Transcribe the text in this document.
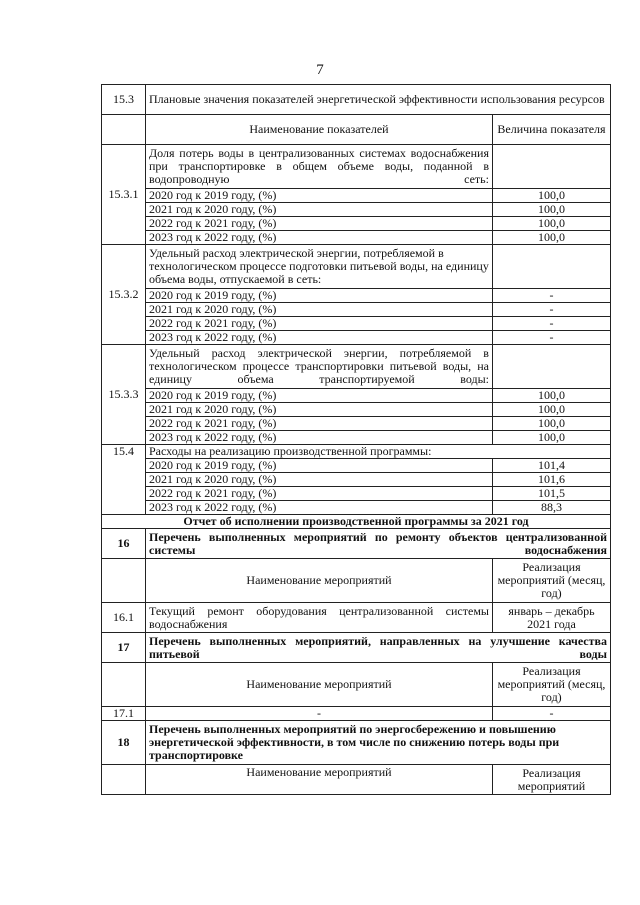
7
15.3	Плановые значения показателей энергетической эффективности использования ресурсов	
	Наименование показателей	Величина показателя
15.3.1	Доля потерь воды в централизованных системах водоснабжения при транспортировке в общем объеме воды, поданной в водопроводную сеть:	
	2020 год к 2019 году, (%)	100,0
	2021 год к 2020 году, (%)	100,0
	2022 год к 2021 году, (%)	100,0
	2023 год к 2022 году, (%)	100,0
15.3.2	Удельный расход электрической энергии, потребляемой в технологическом процессе подготовки питьевой воды, на единицу объема воды, отпускаемой в сеть:	
	2020 год к 2019 году, (%)	-
	2021 год к 2020 году, (%)	-
	2022 год к 2021 году, (%)	-
	2023 год к 2022 году, (%)	-
15.3.3	Удельный расход электрической энергии, потребляемой в технологическом процессе транспортировки питьевой воды, на единицу объема транспортируемой воды:	
	2020 год к 2019 году, (%)	100,0
	2021 год к 2020 году, (%)	100,0
	2022 год к 2021 году, (%)	100,0
	2023 год к 2022 году, (%)	100,0
15.4	Расходы на реализацию производственной программы:	
	2020 год к 2019 году, (%)	101,4
	2021 год к 2020 году, (%)	101,6
	2022 год к 2021 году, (%)	101,5
	2023 год к 2022 году, (%)	88,3
Отчет об исполнении производственной программы за 2021 год		
16	Перечень выполненных мероприятий по ремонту объектов централизованной системы водоснабжения	
	Наименование мероприятий	Реализация мероприятий (месяц, год)
16.1	Текущий ремонт оборудования централизованной системы водоснабжения	январь – декабрь 2021 года
17	Перечень выполненных мероприятий, направленных на улучшение качества питьевой воды	
	Наименование мероприятий	Реализация мероприятий (месяц, год)
17.1	-	-
18	Перечень выполненных мероприятий по энергосбережению и повышению энергетической эффективности, в том числе по снижению потерь воды при транспортировке	
	Наименование мероприятий	Реализация мероприятий
